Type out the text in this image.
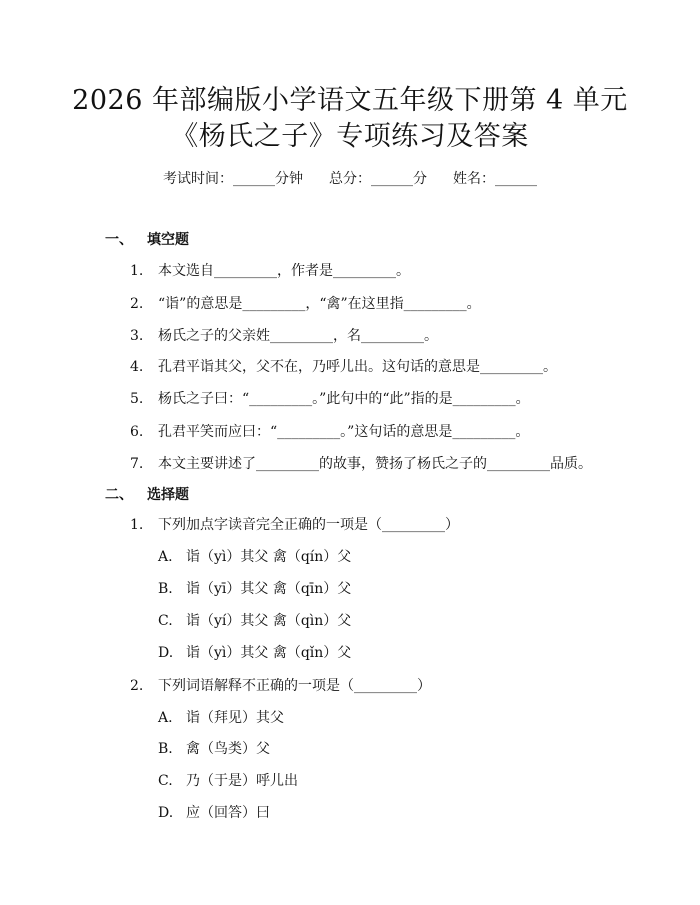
2026 年部编版小学语文五年级下册第 4 单元
《杨氏之子》专项练习及答案
考试时间：______分钟 总分：______分 姓名：______
一、 填空题
1. 本文选自_________，作者是_________。
2. “诣”的意思是_________，“禽”在这里指_________。
3. 杨氏之子的父亲姓_________，名_________。
4. 孔君平诣其父，父不在，乃呼儿出。这句话的意思是_________。
5. 杨氏之子曰：“_________。”此句中的“此”指的是_________。
6. 孔君平笑而应曰：“_________。”这句话的意思是_________。
7. 本文主要讲述了_________的故事，赞扬了杨氏之子的_________品质。
二、 选择题
1. 下列加点字读音完全正确的一项是（_________）
A. 诣（yì）其父 禽（qín）父
B. 诣（yī）其父 禽（qīn）父
C. 诣（yí）其父 禽（qìn）父
D. 诣（yì）其父 禽（qǐn）父
2. 下列词语解释不正确的一项是（_________）
A. 诣（拜见）其父
B. 禽（鸟类）父
C. 乃（于是）呼儿出
D. 应（回答）曰
